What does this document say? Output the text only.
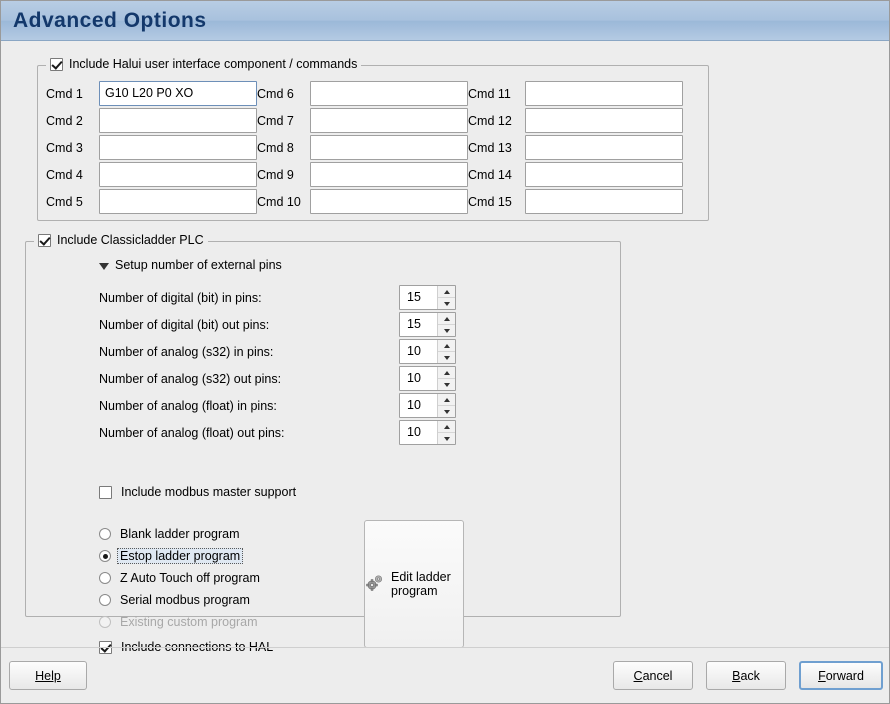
Advanced Options
Include Halui user interface component / commands
Cmd 1	G10 L20 P0 XO	Cmd 6	Cmd 11
Cmd 2	Cmd 7	Cmd 12
Cmd 3	Cmd 8	Cmd 13
Cmd 4	Cmd 9	Cmd 14
Cmd 5	Cmd 10	Cmd 15
Include Classicladder PLC
Setup number of external pins
Number of digital (bit) in pins:	15
Number of digital (bit) out pins:	15
Number of analog (s32) in pins:	10
Number of analog (s32) out pins:	10
Number of analog (float) in pins:	10
Number of analog (float) out pins:	10
Include modbus master support
Blank ladder program
Estop ladder program
Z Auto Touch off program
Serial modbus program
Existing custom program
Include connections to HAL
Edit ladder program
Help	Cancel	Back	Forward
